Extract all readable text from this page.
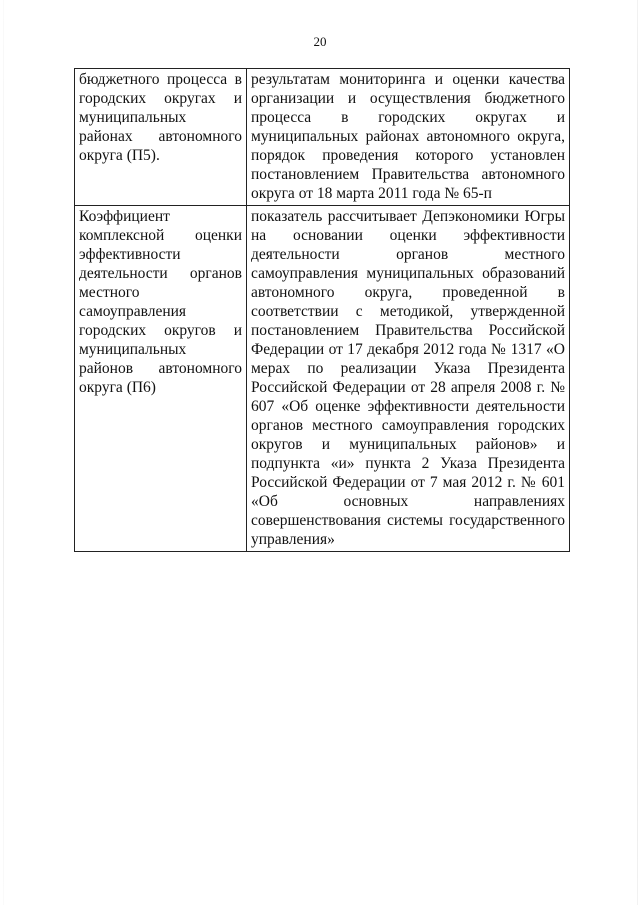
20
бюджетного процесса в городских округах и муниципальных районах автономного округа (П5).	результатам мониторинга и оценки качества организации и осуществления бюджетного процесса в городских округах и муниципальных районах автономного округа, порядок проведения которого установлен постановлением Правительства автономного округа от 18 марта 2011 года № 65-п
Коэффициент комплексной оценки эффективности деятельности органов местного самоуправления городских округов и муниципальных районов автономного округа (П6)	показатель рассчитывает Депэкономики Югры на основании оценки эффективности деятельности органов местного самоуправления муниципальных образований автономного округа, проведенной в соответствии с методикой, утвержденной постановлением Правительства Российской Федерации от 17 декабря 2012 года № 1317 «О мерах по реализации Указа Президента Российской Федерации от 28 апреля 2008 г. № 607 «Об оценке эффективности деятельности органов местного самоуправления городских округов и муниципальных районов» и подпункта «и» пункта 2 Указа Президента Российской Федерации от 7 мая 2012 г. № 601 «Об основных направлениях совершенствования системы государственного управления»
